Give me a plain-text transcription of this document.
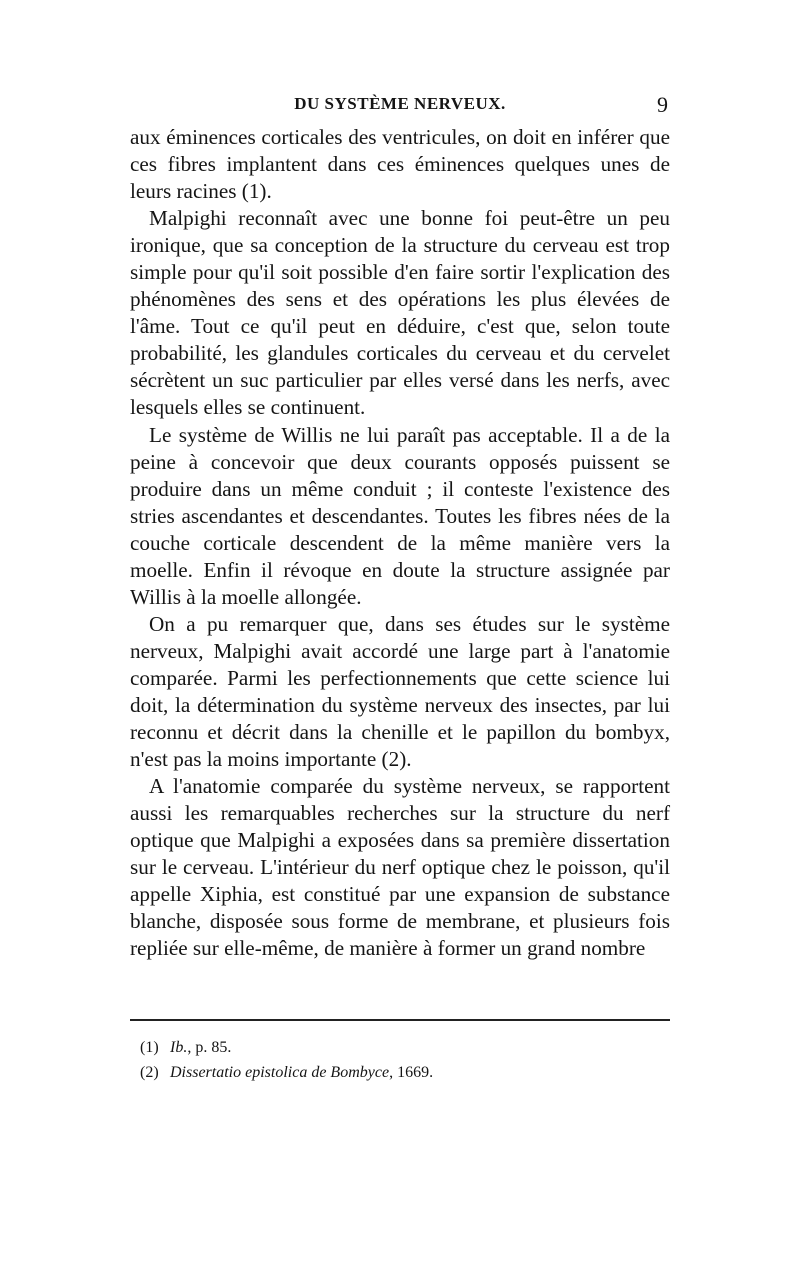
DU SYSTÈME NERVEUX.	9

aux éminences corticales des ventricules, on doit en inférer que ces fibres implantent dans ces éminences quelques unes de leurs racines (1).

Malpighi reconnaît avec une bonne foi peut-être un peu ironique, que sa conception de la structure du cerveau est trop simple pour qu'il soit possible d'en faire sortir l'explication des phénomènes des sens et des opérations les plus élevées de l'âme. Tout ce qu'il peut en déduire, c'est que, selon toute probabilité, les glandules corticales du cerveau et du cervelet sécrètent un suc particulier par elles versé dans les nerfs, avec lesquels elles se continuent.

Le système de Willis ne lui paraît pas acceptable. Il a de la peine à concevoir que deux courants opposés puissent se produire dans un même conduit ; il conteste l'existence des stries ascendantes et descendantes. Toutes les fibres nées de la couche corticale descendent de la même manière vers la moelle. Enfin il révoque en doute la structure assignée par Willis à la moelle allongée.

On a pu remarquer que, dans ses études sur le système nerveux, Malpighi avait accordé une large part à l'anatomie comparée. Parmi les perfectionnements que cette science lui doit, la détermination du système nerveux des insectes, par lui reconnu et décrit dans la chenille et le papillon du bombyx, n'est pas la moins importante (2).

A l'anatomie comparée du système nerveux, se rapportent aussi les remarquables recherches sur la structure du nerf optique que Malpighi a exposées dans sa première dissertation sur le cerveau. L'intérieur du nerf optique chez le poisson, qu'il appelle Xiphia, est constitué par une expansion de substance blanche, disposée sous forme de membrane, et plusieurs fois repliée sur elle-même, de manière à former un grand nombre

(1) Ib., p. 85.

(2) Dissertatio epistolica de Bombyce, 1669.
